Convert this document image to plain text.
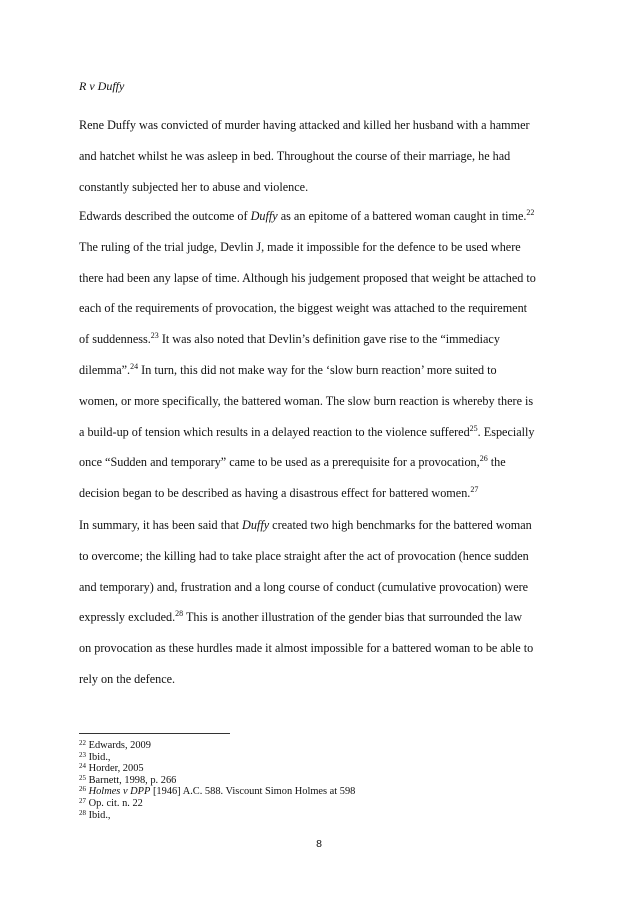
R v Duffy
Rene Duffy was convicted of murder having attacked and killed her husband with a hammer
and hatchet whilst he was asleep in bed. Throughout the course of their marriage, he had
constantly subjected her to abuse and violence.
Edwards described the outcome of Duffy as an epitome of a battered woman caught in time.$^{22}$
The ruling of the trial judge, Devlin J, made it impossible for the defence to be used where
there had been any lapse of time. Although his judgement proposed that weight be attached to
each of the requirements of provocation, the biggest weight was attached to the requirement
of suddenness.$^{23}$ It was also noted that Devlin’s definition gave rise to the “immediacy
dilemma”.$^{24}$ In turn, this did not make way for the ‘slow burn reaction’ more suited to
women, or more specifically, the battered woman. The slow burn reaction is whereby there is
a build-up of tension which results in a delayed reaction to the violence suffered$^{25}$. Especially
once “Sudden and temporary” came to be used as a prerequisite for a provocation,$^{26}$ the
decision began to be described as having a disastrous effect for battered women.$^{27}$
In summary, it has been said that Duffy created two high benchmarks for the battered woman
to overcome; the killing had to take place straight after the act of provocation (hence sudden
and temporary) and, frustration and a long course of conduct (cumulative provocation) were
expressly excluded.$^{28}$ This is another illustration of the gender bias that surrounded the law
on provocation as these hurdles made it almost impossible for a battered woman to be able to
rely on the defence.
$^{22}$ Edwards, 2009
$^{23}$ Ibid.,
$^{24}$ Horder, 2005
$^{25}$ Barnett, 1998, p. 266
$^{26}$ Holmes v DPP [1946] A.C. 588. Viscount Simon Holmes at 598
$^{27}$ Op. cit. n. 22
$^{28}$ Ibid.,
8
